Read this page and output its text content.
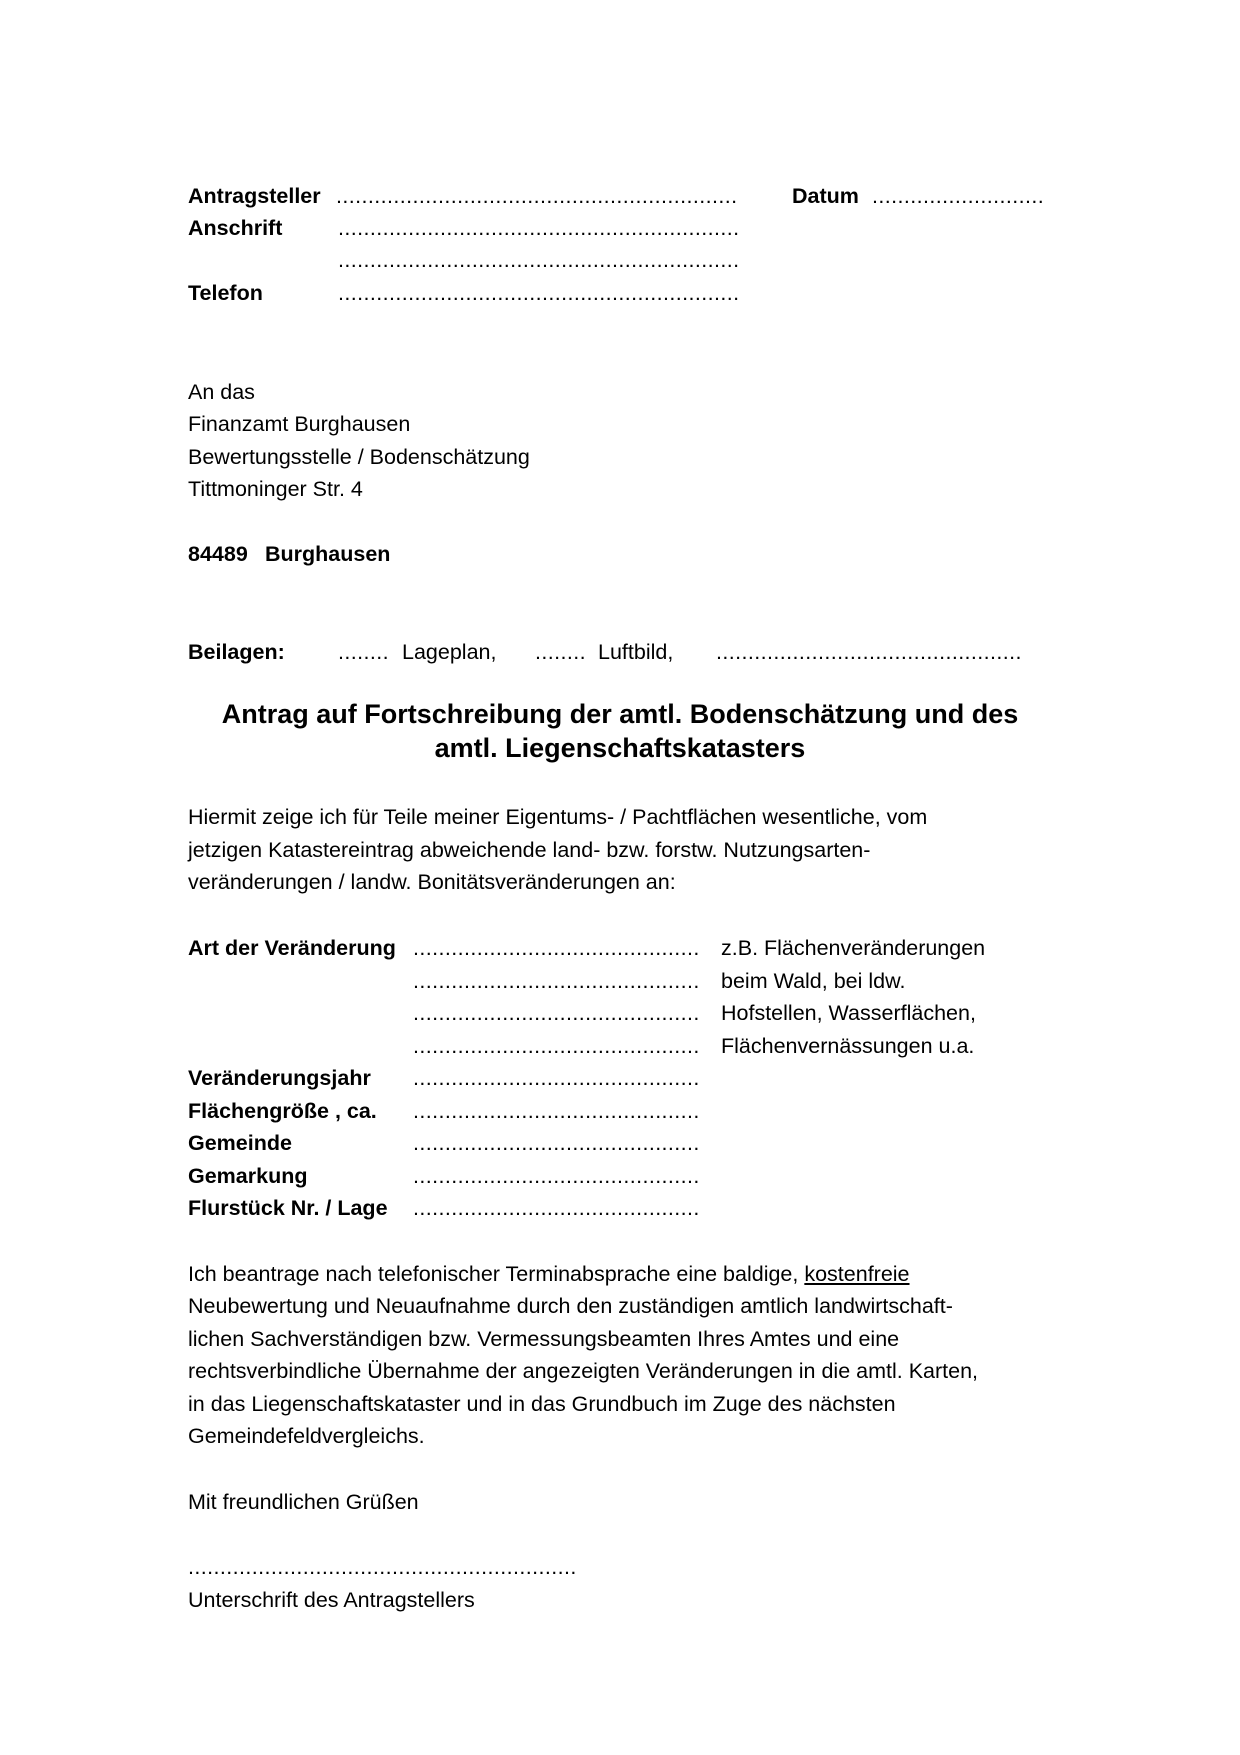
Antragsteller ...............................................................	Datum ...........................
Anschrift	...............................................................
...............................................................
Telefon	...............................................................
An das
Finanzamt Burghausen
Bewertungsstelle / Bodenschätzung
Tittmoninger Str. 4
84489 Burghausen
Beilagen: ........ Lageplan, ........ Luftbild, ................................................
Antrag auf Fortschreibung der amtl. Bodenschätzung und des
amtl. Liegenschaftskatasters
Hiermit zeige ich für Teile meiner Eigentums- / Pachtflächen wesentliche, vom
jetzigen Katastereintrag abweichende land- bzw. forstw. Nutzungsarten-
veränderungen / landw. Bonitätsveränderungen an:
Art der Veränderung ............................................. z.B. Flächenveränderungen
............................................. beim Wald, bei ldw.
............................................. Hofstellen, Wasserflächen,
............................................. Flächenvernässungen u.a.
Veränderungsjahr .............................................
Flächengröße , ca. .............................................
Gemeinde	.............................................
Gemarkung	.............................................
Flurstück Nr. / Lage .............................................
Ich beantrage nach telefonischer Terminabsprache eine baldige, kostenfreie
Neubewertung und Neuaufnahme durch den zuständigen amtlich landwirtschaft-
lichen Sachverständigen bzw. Vermessungsbeamten Ihres Amtes und eine
rechtsverbindliche Übernahme der angezeigten Veränderungen in die amtl. Karten,
in das Liegenschaftskataster und in das Grundbuch im Zuge des nächsten
Gemeindefeldvergleichs.
Mit freundlichen Grüßen
.............................................................
Unterschrift des Antragstellers
